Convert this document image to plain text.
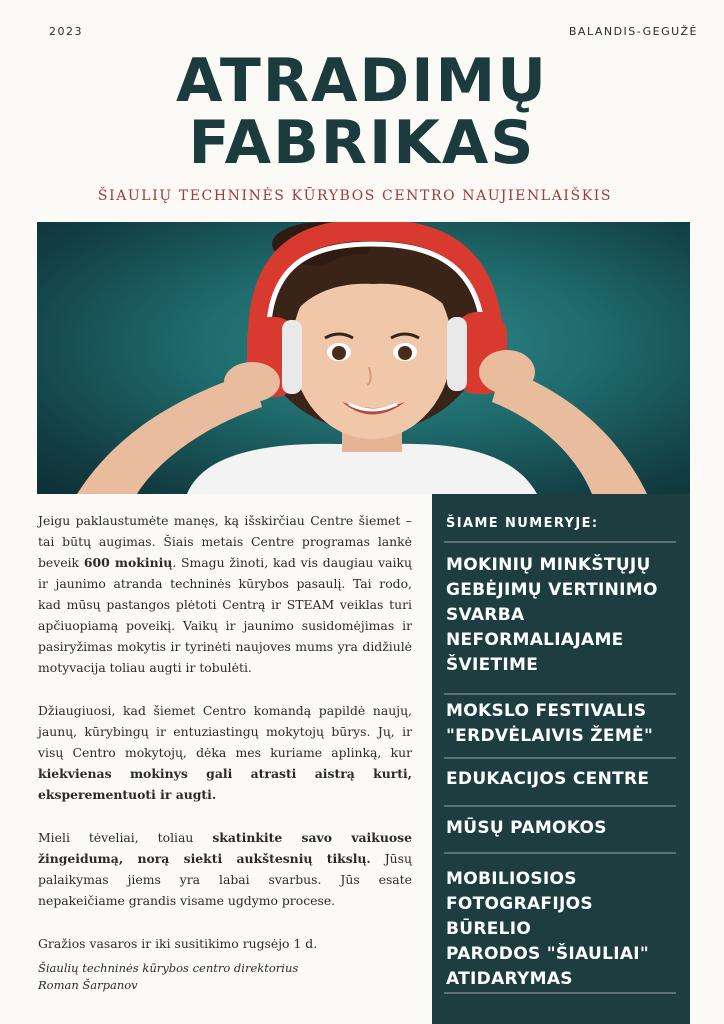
2023	BALANDIS-GEGUŽĖ
ATRADIMŲ
FABRIKAS
ŠIAULIŲ TECHNINĖS KŪRYBOS CENTRO NAUJIENLAIŠKIS

Jeigu paklaustumėte manęs, ką išskirčiau Centre šiemet – tai būtų augimas. Šiais metais Centre programas lankė beveik 600 mokinių. Smagu žinoti, kad vis daugiau vaikų ir jaunimo atranda techninės kūrybos pasaulį. Tai rodo, kad mūsų pastangos plėtoti Centrą ir STEAM veiklas turi apčiuopiamą poveikį. Vaikų ir jaunimo susidomėjimas ir pasiryžimas mokytis ir tyrinėti naujoves mums yra didžiulė motyvacija toliau augti ir tobulėti.

Džiaugiuosi, kad šiemet Centro komandą papildė naujų, jaunų, kūrybingų ir entuziastingų mokytojų būrys. Jų, ir visų Centro mokytojų, dėka mes kuriame aplinką, kur kiekvienas mokinys gali atrasti aistrą kurti, eksperementuoti ir augti.

Mieli tėveliai, toliau skatinkite savo vaikuose žingeidumą, norą siekti aukštesnių tikslų. Jūsų palaikymas jiems yra labai svarbus. Jūs esate nepakeičiame grandis visame ugdymo procese.

Gražios vasaros ir iki susitikimo rugsėjo 1 d.

Šiaulių techninės kūrybos centro direktorius
Roman Šarpanov
ŠIAME NUMERYJE:
MOKINIŲ MINKŠTŲJŲ
GEBĖJIMŲ VERTINIMO
SVARBA
NEFORMALIAJAME
ŠVIETIME
MOKSLO FESTIVALIS
"ERDVĖLAIVIS ŽEMĖ"
EDUKACIJOS CENTRE
MŪSŲ PAMOKOS
MOBILIOSIOS
FOTOGRAFIJOS BŪRELIO
PARODOS "ŠIAULIAI"
ATIDARYMAS
